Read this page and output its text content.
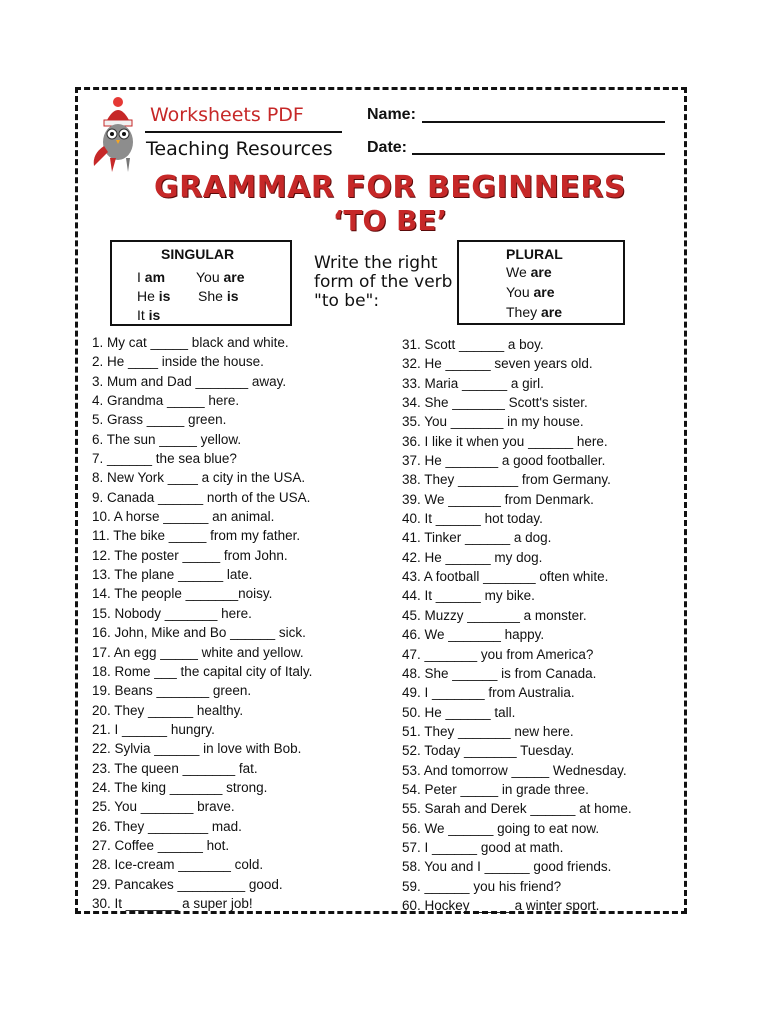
Worksheets PDF
Teaching Resources
Name:
Date:
GRAMMAR FOR BEGINNERS
‘TO BE’
SINGULAR
I am You are
He is She is
It is
Write the right form of the verb "to be":
PLURAL
We are
You are
They are
1. My cat _____ black and white.
2. He ____ inside the house.
3. Mum and Dad _______ away.
4. Grandma _____ here.
5. Grass _____ green.
6. The sun _____ yellow.
7. ______ the sea blue?
8. New York ____ a city in the USA.
9. Canada ______ north of the USA.
10. A horse ______ an animal.
11. The bike _____ from my father.
12. The poster _____ from John.
13. The plane ______ late.
14. The people _______noisy.
15. Nobody _______ here.
16. John, Mike and Bo ______ sick.
17. An egg _____ white and yellow.
18. Rome ___ the capital city of Italy.
19. Beans _______ green.
20. They ______ healthy.
21. I ______ hungry.
22. Sylvia ______ in love with Bob.
23. The queen _______ fat.
24. The king _______ strong.
25. You _______ brave.
26. They ________ mad.
27. Coffee ______ hot.
28. Ice-cream _______ cold.
29. Pancakes _________ good.
30. It _______ a super job!
31. Scott ______ a boy.
32. He ______ seven years old.
33. Maria ______ a girl.
34. She _______ Scott's sister.
35. You _______ in my house.
36. I like it when you ______ here.
37. He _______ a good footballer.
38. They ________ from Germany.
39. We _______ from Denmark.
40. It ______ hot today.
41. Tinker ______ a dog.
42. He ______ my dog.
43. A football _______ often white.
44. It ______ my bike.
45. Muzzy _______ a monster.
46. We _______ happy.
47. _______ you from America?
48. She ______ is from Canada.
49. I _______ from Australia.
50. He ______ tall.
51. They _______ new here.
52. Today _______ Tuesday.
53. And tomorrow _____ Wednesday.
54. Peter _____ in grade three.
55. Sarah and Derek ______ at home.
56. We ______ going to eat now.
57. I ______ good at math.
58. You and I ______ good friends.
59. ______ you his friend?
60. Hockey _____ a winter sport.
